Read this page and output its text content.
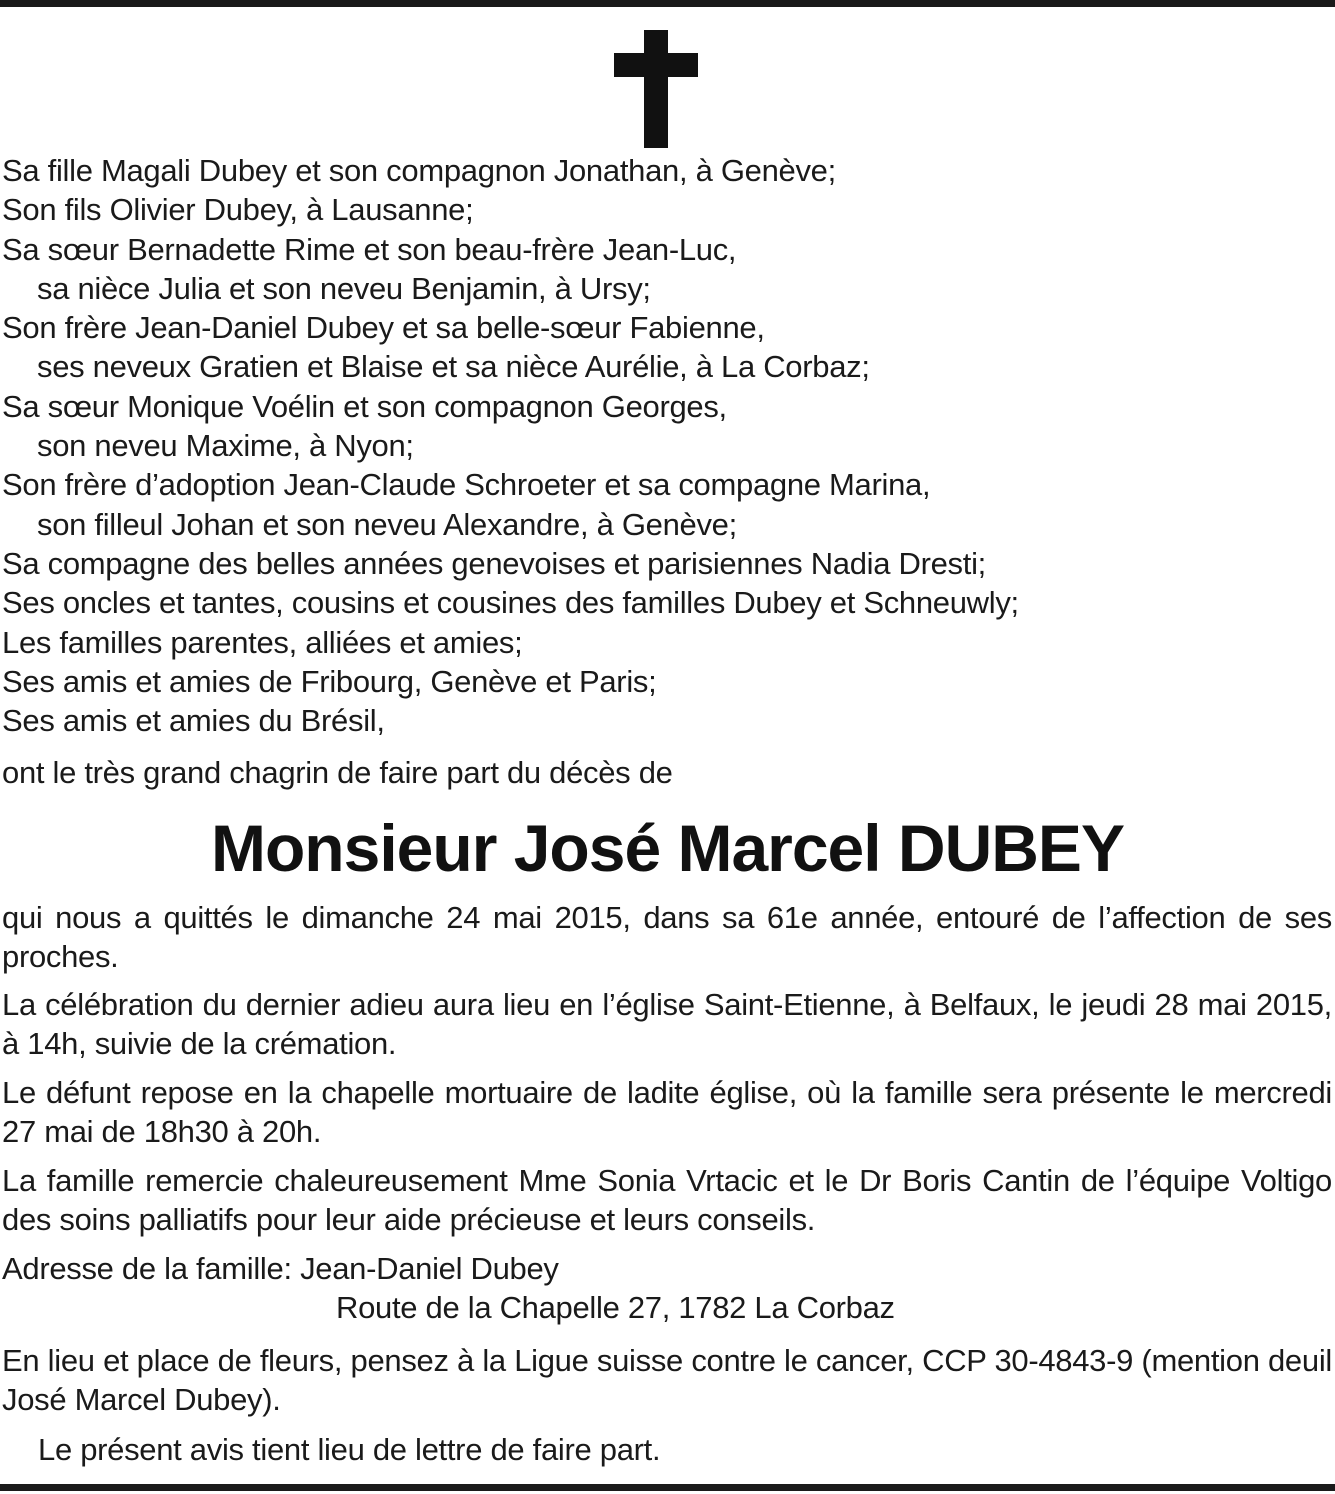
Sa fille Magali Dubey et son compagnon Jonathan, à Genève;
Son fils Olivier Dubey, à Lausanne;
Sa sœur Bernadette Rime et son beau-frère Jean-Luc,
sa nièce Julia et son neveu Benjamin, à Ursy;
Son frère Jean-Daniel Dubey et sa belle-sœur Fabienne,
ses neveux Gratien et Blaise et sa nièce Aurélie, à La Corbaz;
Sa sœur Monique Voélin et son compagnon Georges,
son neveu Maxime, à Nyon;
Son frère d’adoption Jean-Claude Schroeter et sa compagne Marina,
son filleul Johan et son neveu Alexandre, à Genève;
Sa compagne des belles années genevoises et parisiennes Nadia Dresti;
Ses oncles et tantes, cousins et cousines des familles Dubey et Schneuwly;
Les familles parentes, alliées et amies;
Ses amis et amies de Fribourg, Genève et Paris;
Ses amis et amies du Brésil,
ont le très grand chagrin de faire part du décès de
Monsieur José Marcel DUBEY

qui nous a quittés le dimanche 24 mai 2015, dans sa 61e année, entouré de l’affection de ses proches.

La célébration du dernier adieu aura lieu en l’église Saint-Etienne, à Belfaux, le jeudi 28 mai 2015, à 14h, suivie de la crémation.

Le défunt repose en la chapelle mortuaire de ladite église, où la famille sera présente le mercredi 27 mai de 18h30 à 20h.

La famille remercie chaleureusement Mme Sonia Vrtacic et le Dr Boris Cantin de l’équipe Voltigo des soins palliatifs pour leur aide précieuse et leurs conseils.

Adresse de la famille: Jean-Daniel Dubey
Route de la Chapelle 27, 1782 La Corbaz

En lieu et place de fleurs, pensez à la Ligue suisse contre le cancer, CCP 30-4843-9 (mention deuil José Marcel Dubey).

Le présent avis tient lieu de lettre de faire part.
